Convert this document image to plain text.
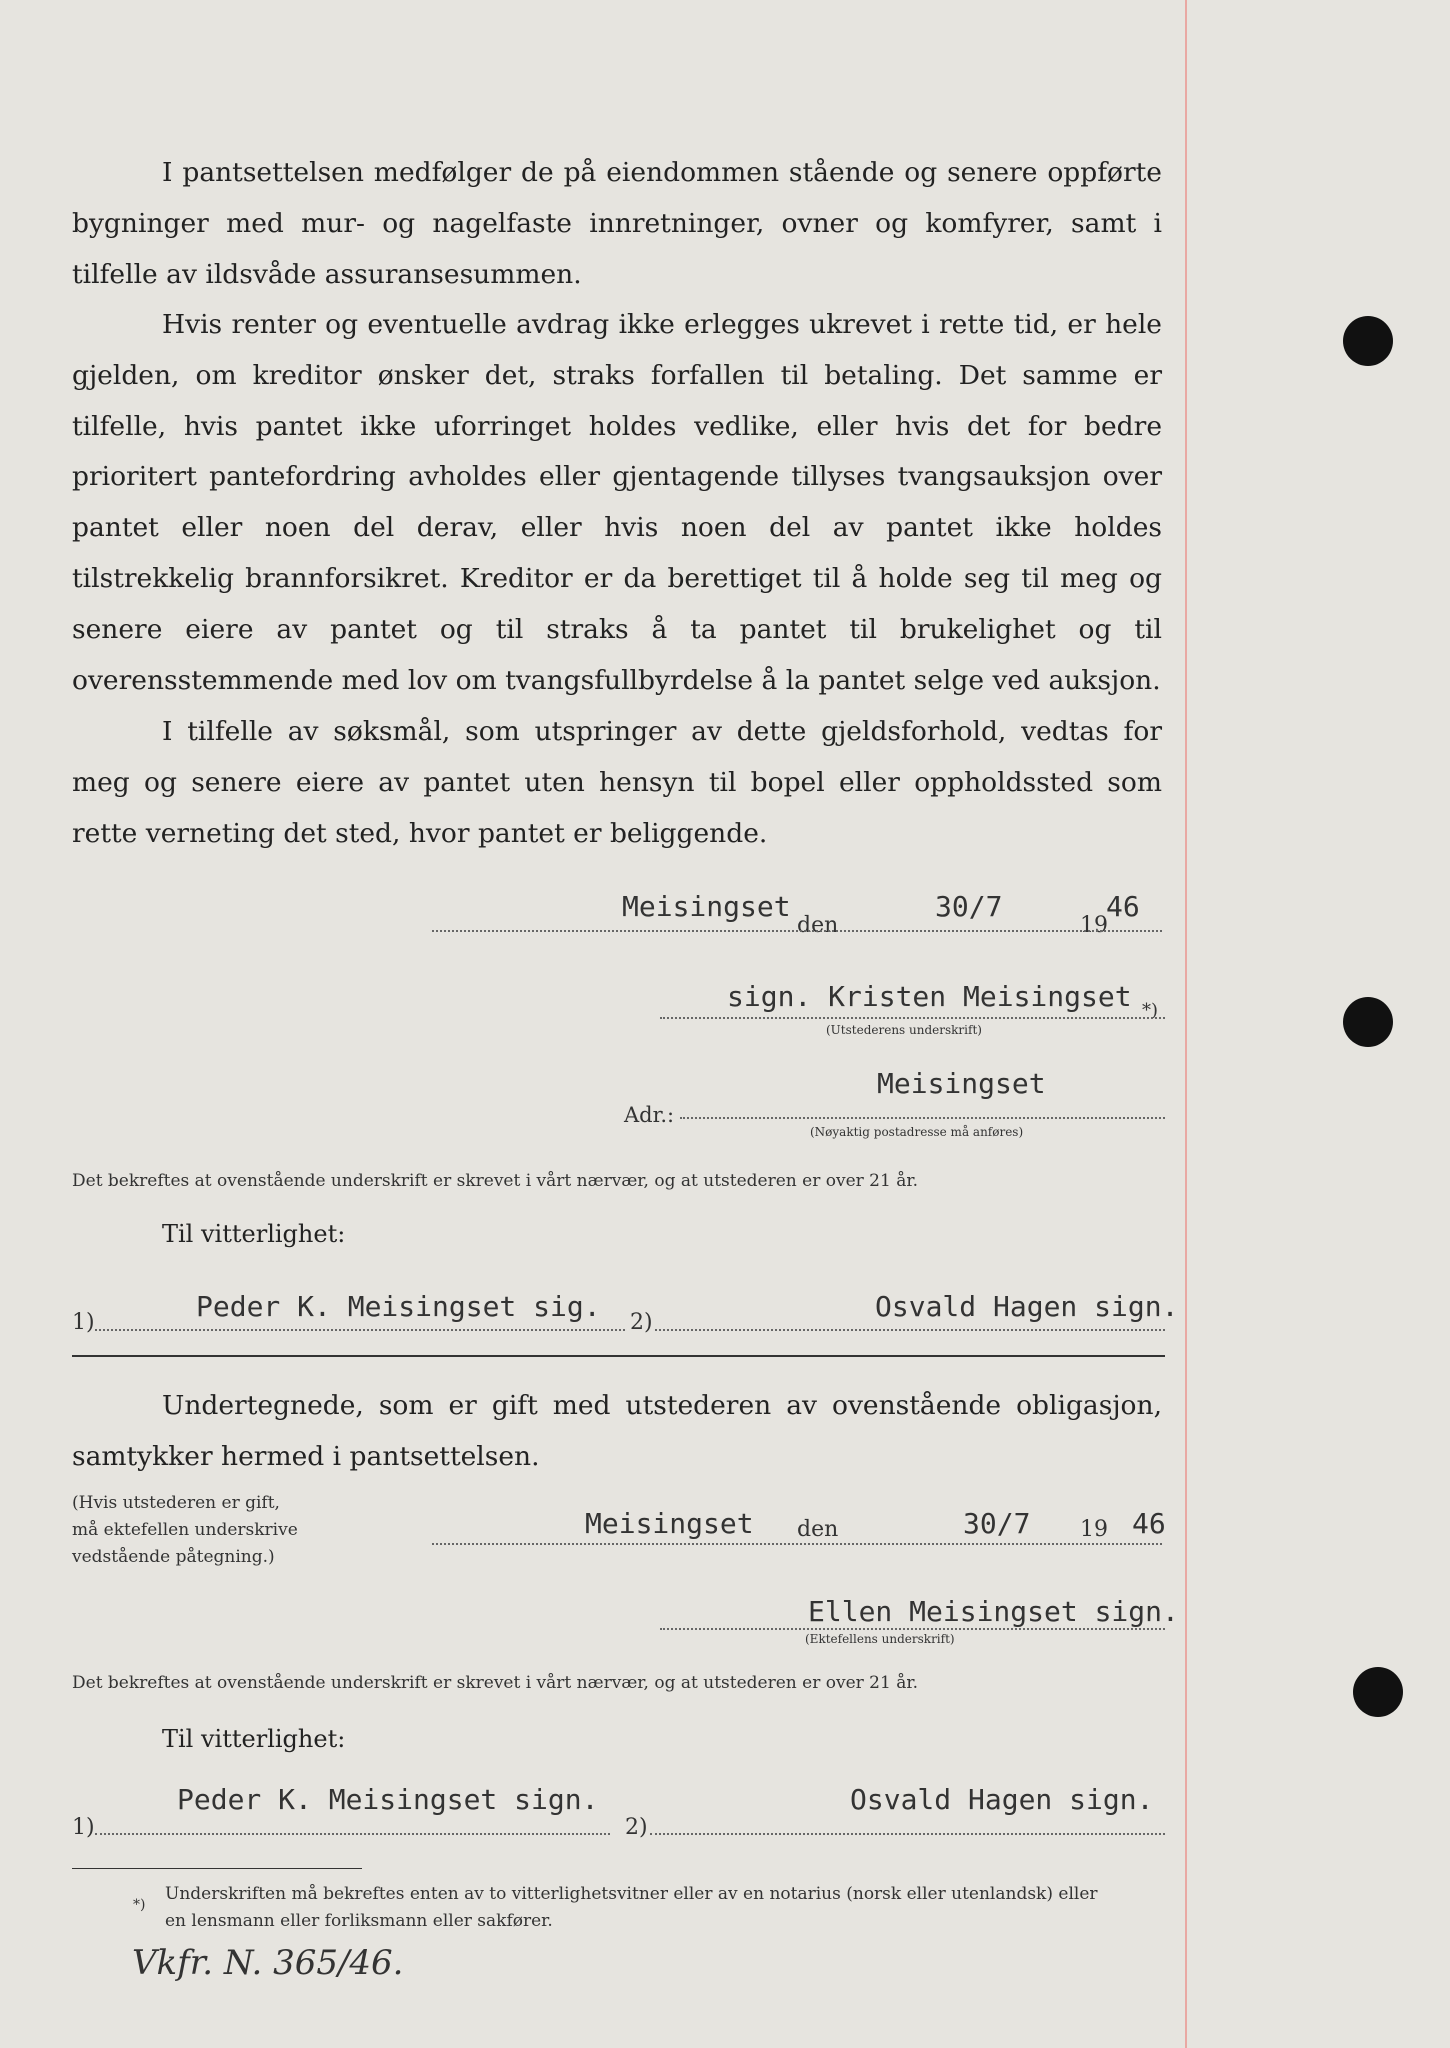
I pantsettelsen medfølger de på eiendommen stående og senere oppførte bygninger med mur- og nagelfaste innretninger, ovner og komfyrer, samt i tilfelle av ildsvåde assuransesummen.
Hvis renter og eventuelle avdrag ikke erlegges ukrevet i rette tid, er hele gjelden, om kreditor ønsker det, straks forfallen til betaling. Det samme er tilfelle, hvis pantet ikke uforringet holdes vedlike, eller hvis det for bedre prioritert pantefordring avholdes eller gjentagende tillyses tvangsauksjon over pantet eller noen del derav, eller hvis noen del av pantet ikke holdes tilstrekkelig brannforsikret. Kreditor er da berettiget til å holde seg til meg og senere eiere av pantet og til straks å ta pantet til brukelighet og til overensstemmende med lov om tvangsfullbyrdelse å la pantet selge ved auksjon.
I tilfelle av søksmål, som utspringer av dette gjeldsforhold, vedtas for meg og senere eiere av pantet uten hensyn til bopel eller oppholdssted som rette verneting det sted, hvor pantet er beliggende.
Meisingset
den
30/7
19
46
sign. Kristen Meisingset *)
(Utstederens underskrift)
Meisingset
Adr.:
(Nøyaktig postadresse må anføres)
Det bekreftes at ovenstående underskrift er skrevet i vårt nærvær, og at utstederen er over 21 år.
Til vitterlighet:
1)	Peder K. Meisingset sig. 2)	Osvald Hagen sign.
Undertegnede, som er gift med utstederen av ovenstående obligasjon, samtykker hermed i pantsettelsen.
(Hvis utstederen er gift,
må ektefellen underskrive
vedstående påtegning.)
Meisingset den	30/7 19 46
Ellen Meisingset sign.
(Ektefellens underskrift)
Det bekreftes at ovenstående underskrift er skrevet i vårt nærvær, og at utstederen er over 21 år.
Til vitterlighet:
1)
Peder K. Meisingset sign.
2)
Osvald Hagen sign.
*)
Underskriften må bekreftes enten av to vitterlighetsvitner eller av en notarius (norsk eller utenlandsk) eller
en lensmann eller forliksmann eller sakfører.
Vkfr. N. 365/46.
